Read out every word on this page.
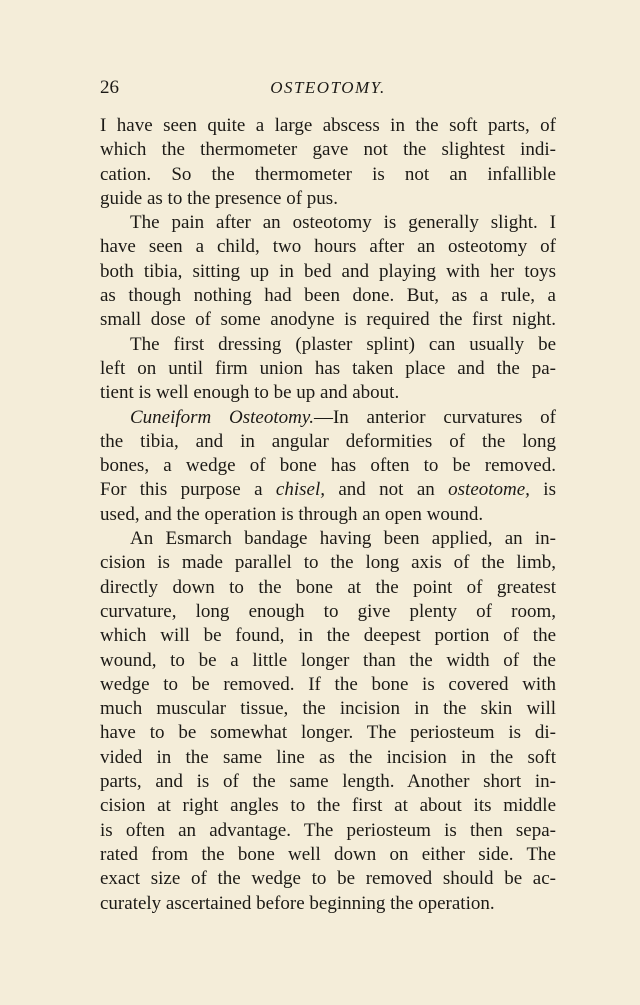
26	OSTEOTOMY.
I have seen quite a large abscess in the soft parts, of
which the thermometer gave not the slightest indi-
cation. So the thermometer is not an infallible
guide as to the presence of pus.
The pain after an osteotomy is generally slight. I
have seen a child, two hours after an osteotomy of
both tibia, sitting up in bed and playing with her toys
as though nothing had been done. But, as a rule, a
small dose of some anodyne is required the first night.
The first dressing (plaster splint) can usually be
left on until firm union has taken place and the pa-
tient is well enough to be up and about.
Cuneiform Osteotomy.—In anterior curvatures of
the tibia, and in angular deformities of the long
bones, a wedge of bone has often to be removed.
For this purpose a chisel, and not an osteotome, is
used, and the operation is through an open wound.
An Esmarch bandage having been applied, an in-
cision is made parallel to the long axis of the limb,
directly down to the bone at the point of greatest
curvature, long enough to give plenty of room,
which will be found, in the deepest portion of the
wound, to be a little longer than the width of the
wedge to be removed. If the bone is covered with
much muscular tissue, the incision in the skin will
have to be somewhat longer. The periosteum is di-
vided in the same line as the incision in the soft
parts, and is of the same length. Another short in-
cision at right angles to the first at about its middle
is often an advantage. The periosteum is then sepa-
rated from the bone well down on either side. The
exact size of the wedge to be removed should be ac-
curately ascertained before beginning the operation.
